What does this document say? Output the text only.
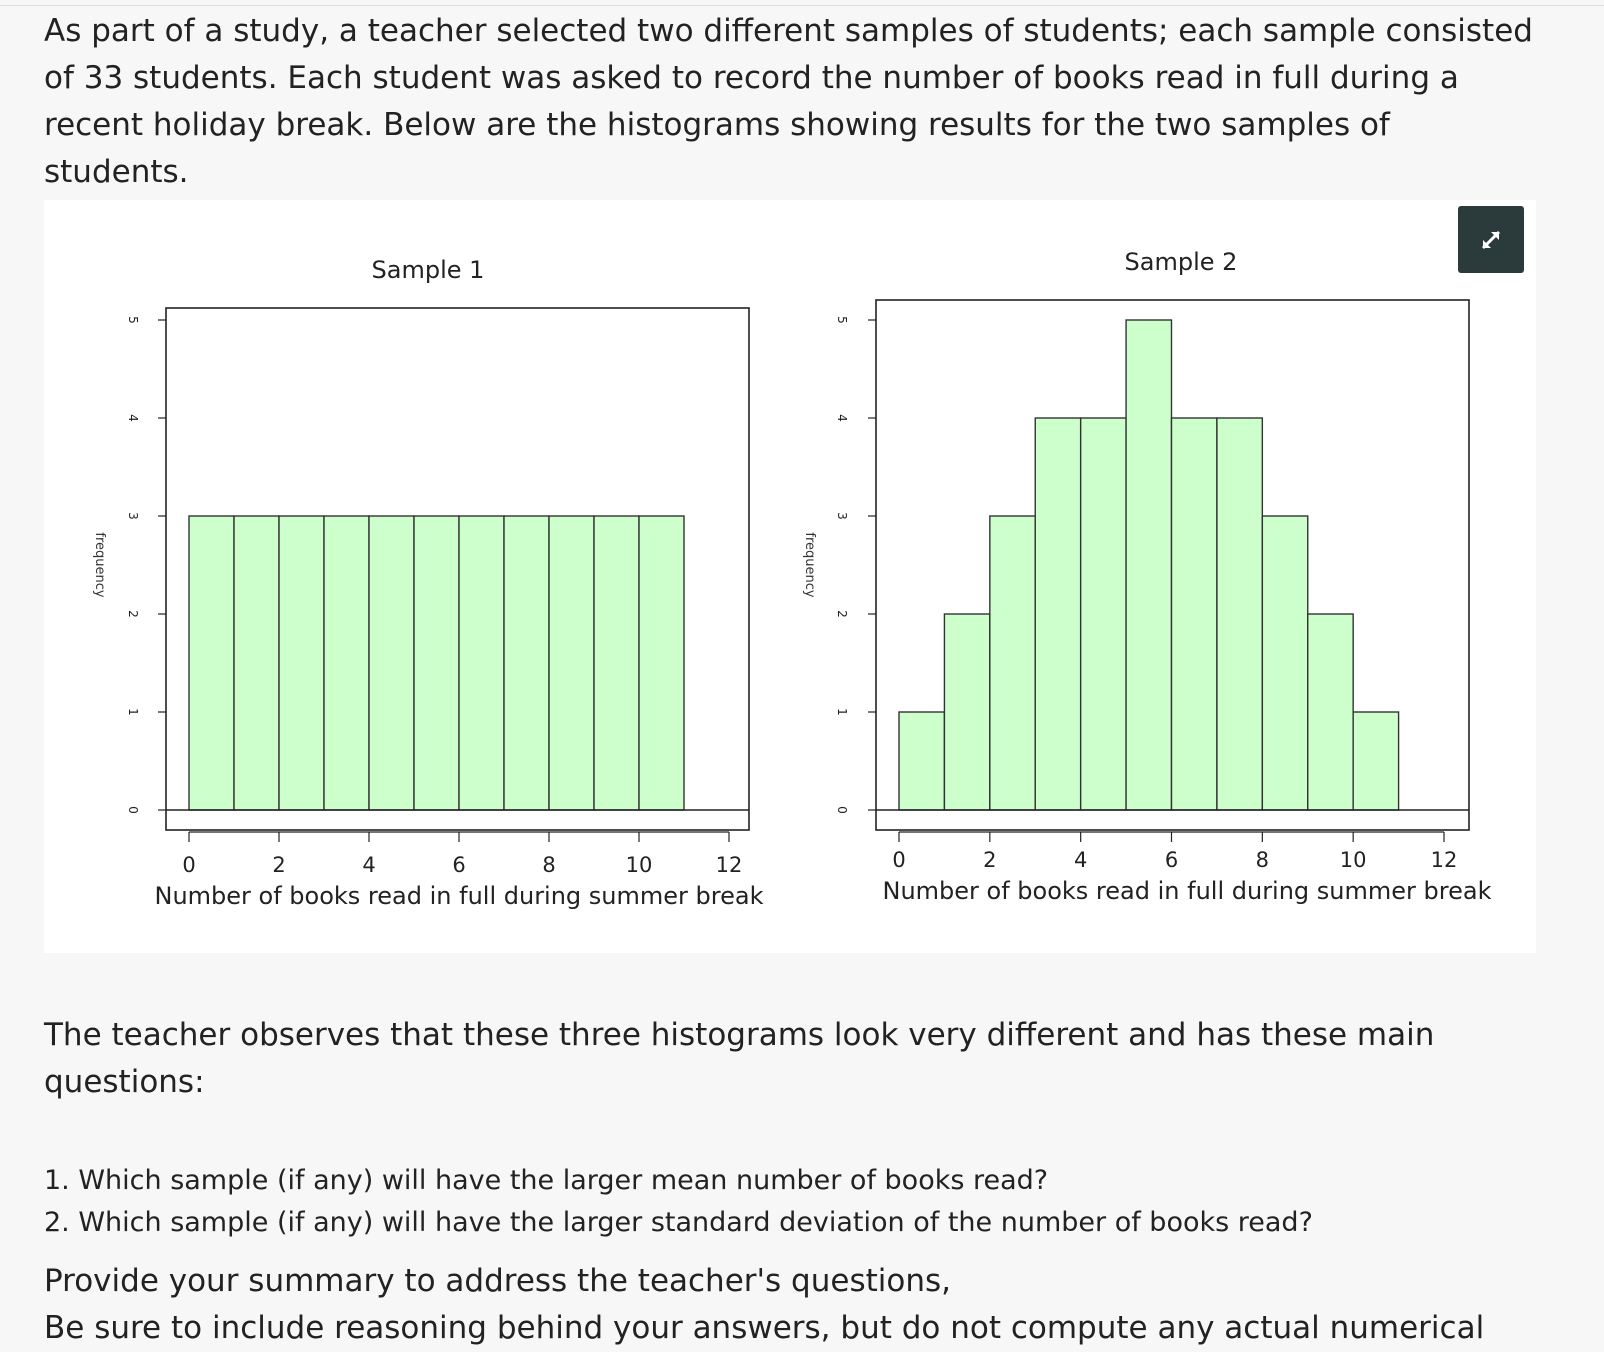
As part of a study, a teacher selected two different samples of students; each sample consisted of 33 students. Each student was asked to record the number of books read in full during a recent holiday break. Below are the histograms showing results for the two samples of students.

0
1
2
3
4
5
frequency
0	2	4	6	8	10	12
Number of books read in full during summer break
Sample 1
0
1
2
3
4
5
frequency
0	2	4	6	8	10	12
Number of books read in full during summer break
Sample 2

The teacher observes that these three histograms look very different and has these main questions:

1. Which sample (if any) will have the larger mean number of books read?
2. Which sample (if any) will have the larger standard deviation of the number of books read?
Provide your summary to address the teacher's questions,
Be sure to include reasoning behind your answers, but do not compute any actual numerical
